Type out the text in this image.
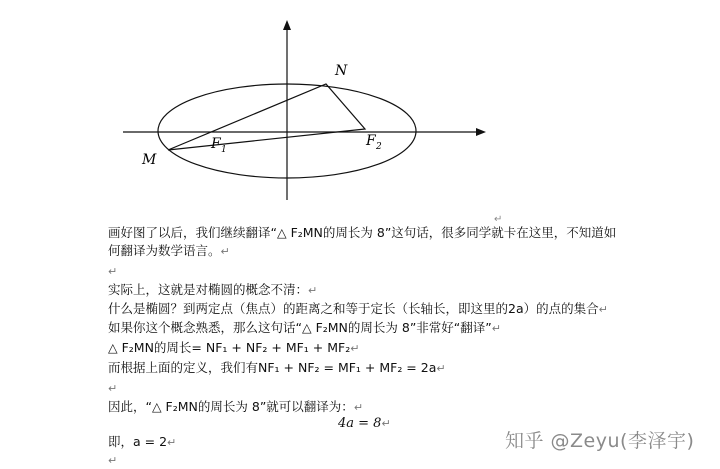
N
M
F 1
F 2
↵
画好图了以后，我们继续翻译“△ F₂MN的周长为 8”这句话，很多同学就卡在这里，不知道如
何翻译为数学语言。↵
↵
实际上，这就是对椭圆的概念不清：↵
什么是椭圆？到两定点（焦点）的距离之和等于定长（长轴长，即这里的2a）的点的集合↵
如果你这个概念熟悉，那么这句话“△ F₂MN的周长为 8”非常好“翻译”↵
△ F₂MN的周长= NF₁ + NF₂ + MF₁ + MF₂↵
而根据上面的定义，我们有NF₁ + NF₂ = MF₁ + MF₂ = 2a↵
↵
因此，“△ F₂MN的周长为 8”就可以翻译为：↵
4a = 8↵
即，a = 2↵
↵
知乎 @Zeyu(李泽宇)
